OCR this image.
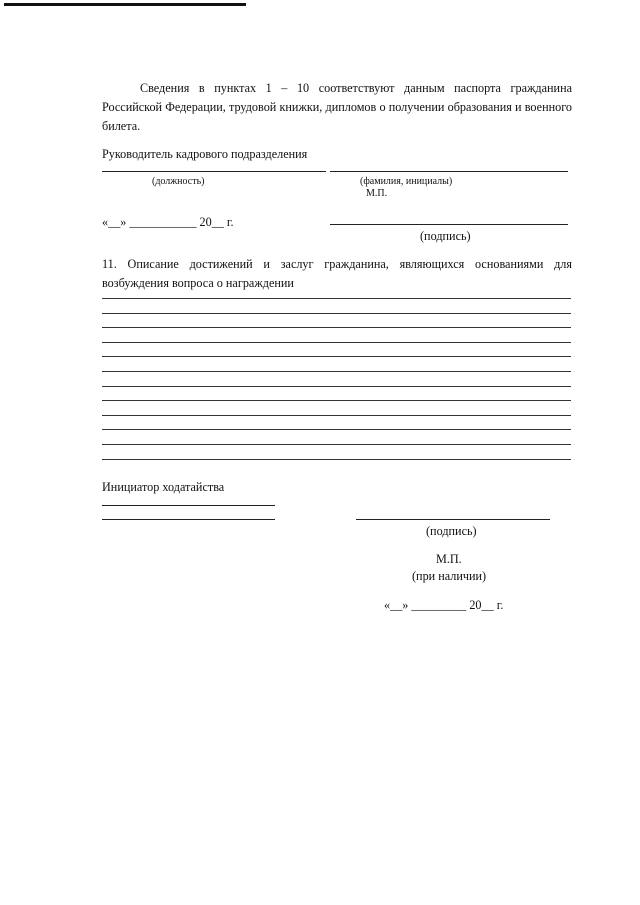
Сведения в пунктах 1 – 10 соответствуют данным паспорта гражданина Российской Федерации, трудовой книжки, дипломов о получении образования и военного билета.

Руководитель кадрового подразделения
(должность)	(фамилия, инициалы)
М.П.
«__» ___________ 20__ г.
(подпись)

11. Описание достижений и заслуг гражданина, являющихся основаниями для возбуждения вопроса о награждении

Инициатор ходатайства
(подпись)
М.П.
(при наличии)
«__» _________ 20__ г.
